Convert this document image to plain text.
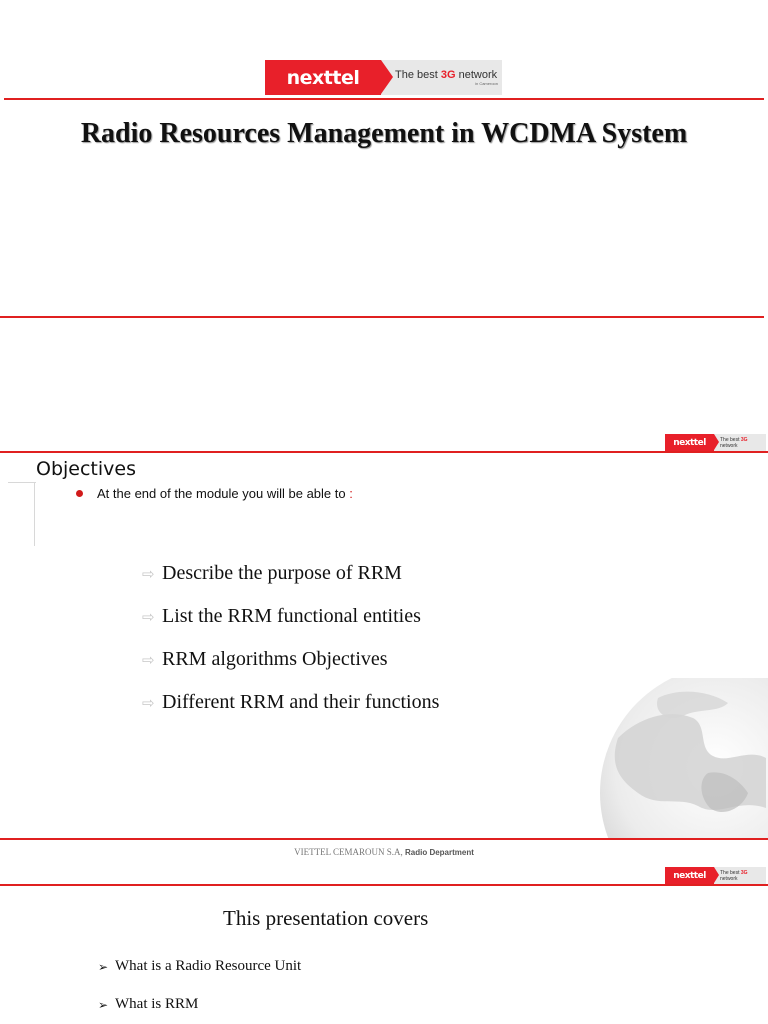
nexttel	The best 3G network
in Cameroon
Radio Resources Management in WCDMA System
nexttel	The best 3G network
Objectives
At the end of the module you will be able to :
⇨ Describe the purpose of RRM
⇨ List the RRM functional entities
⇨ RRM algorithms Objectives
⇨ Different RRM and their functions
VIETTEL CEMAROUN S.A, Radio Department
nexttel	The best 3G network
This presentation covers
➢ What is a Radio Resource Unit
➢ What is RRM
